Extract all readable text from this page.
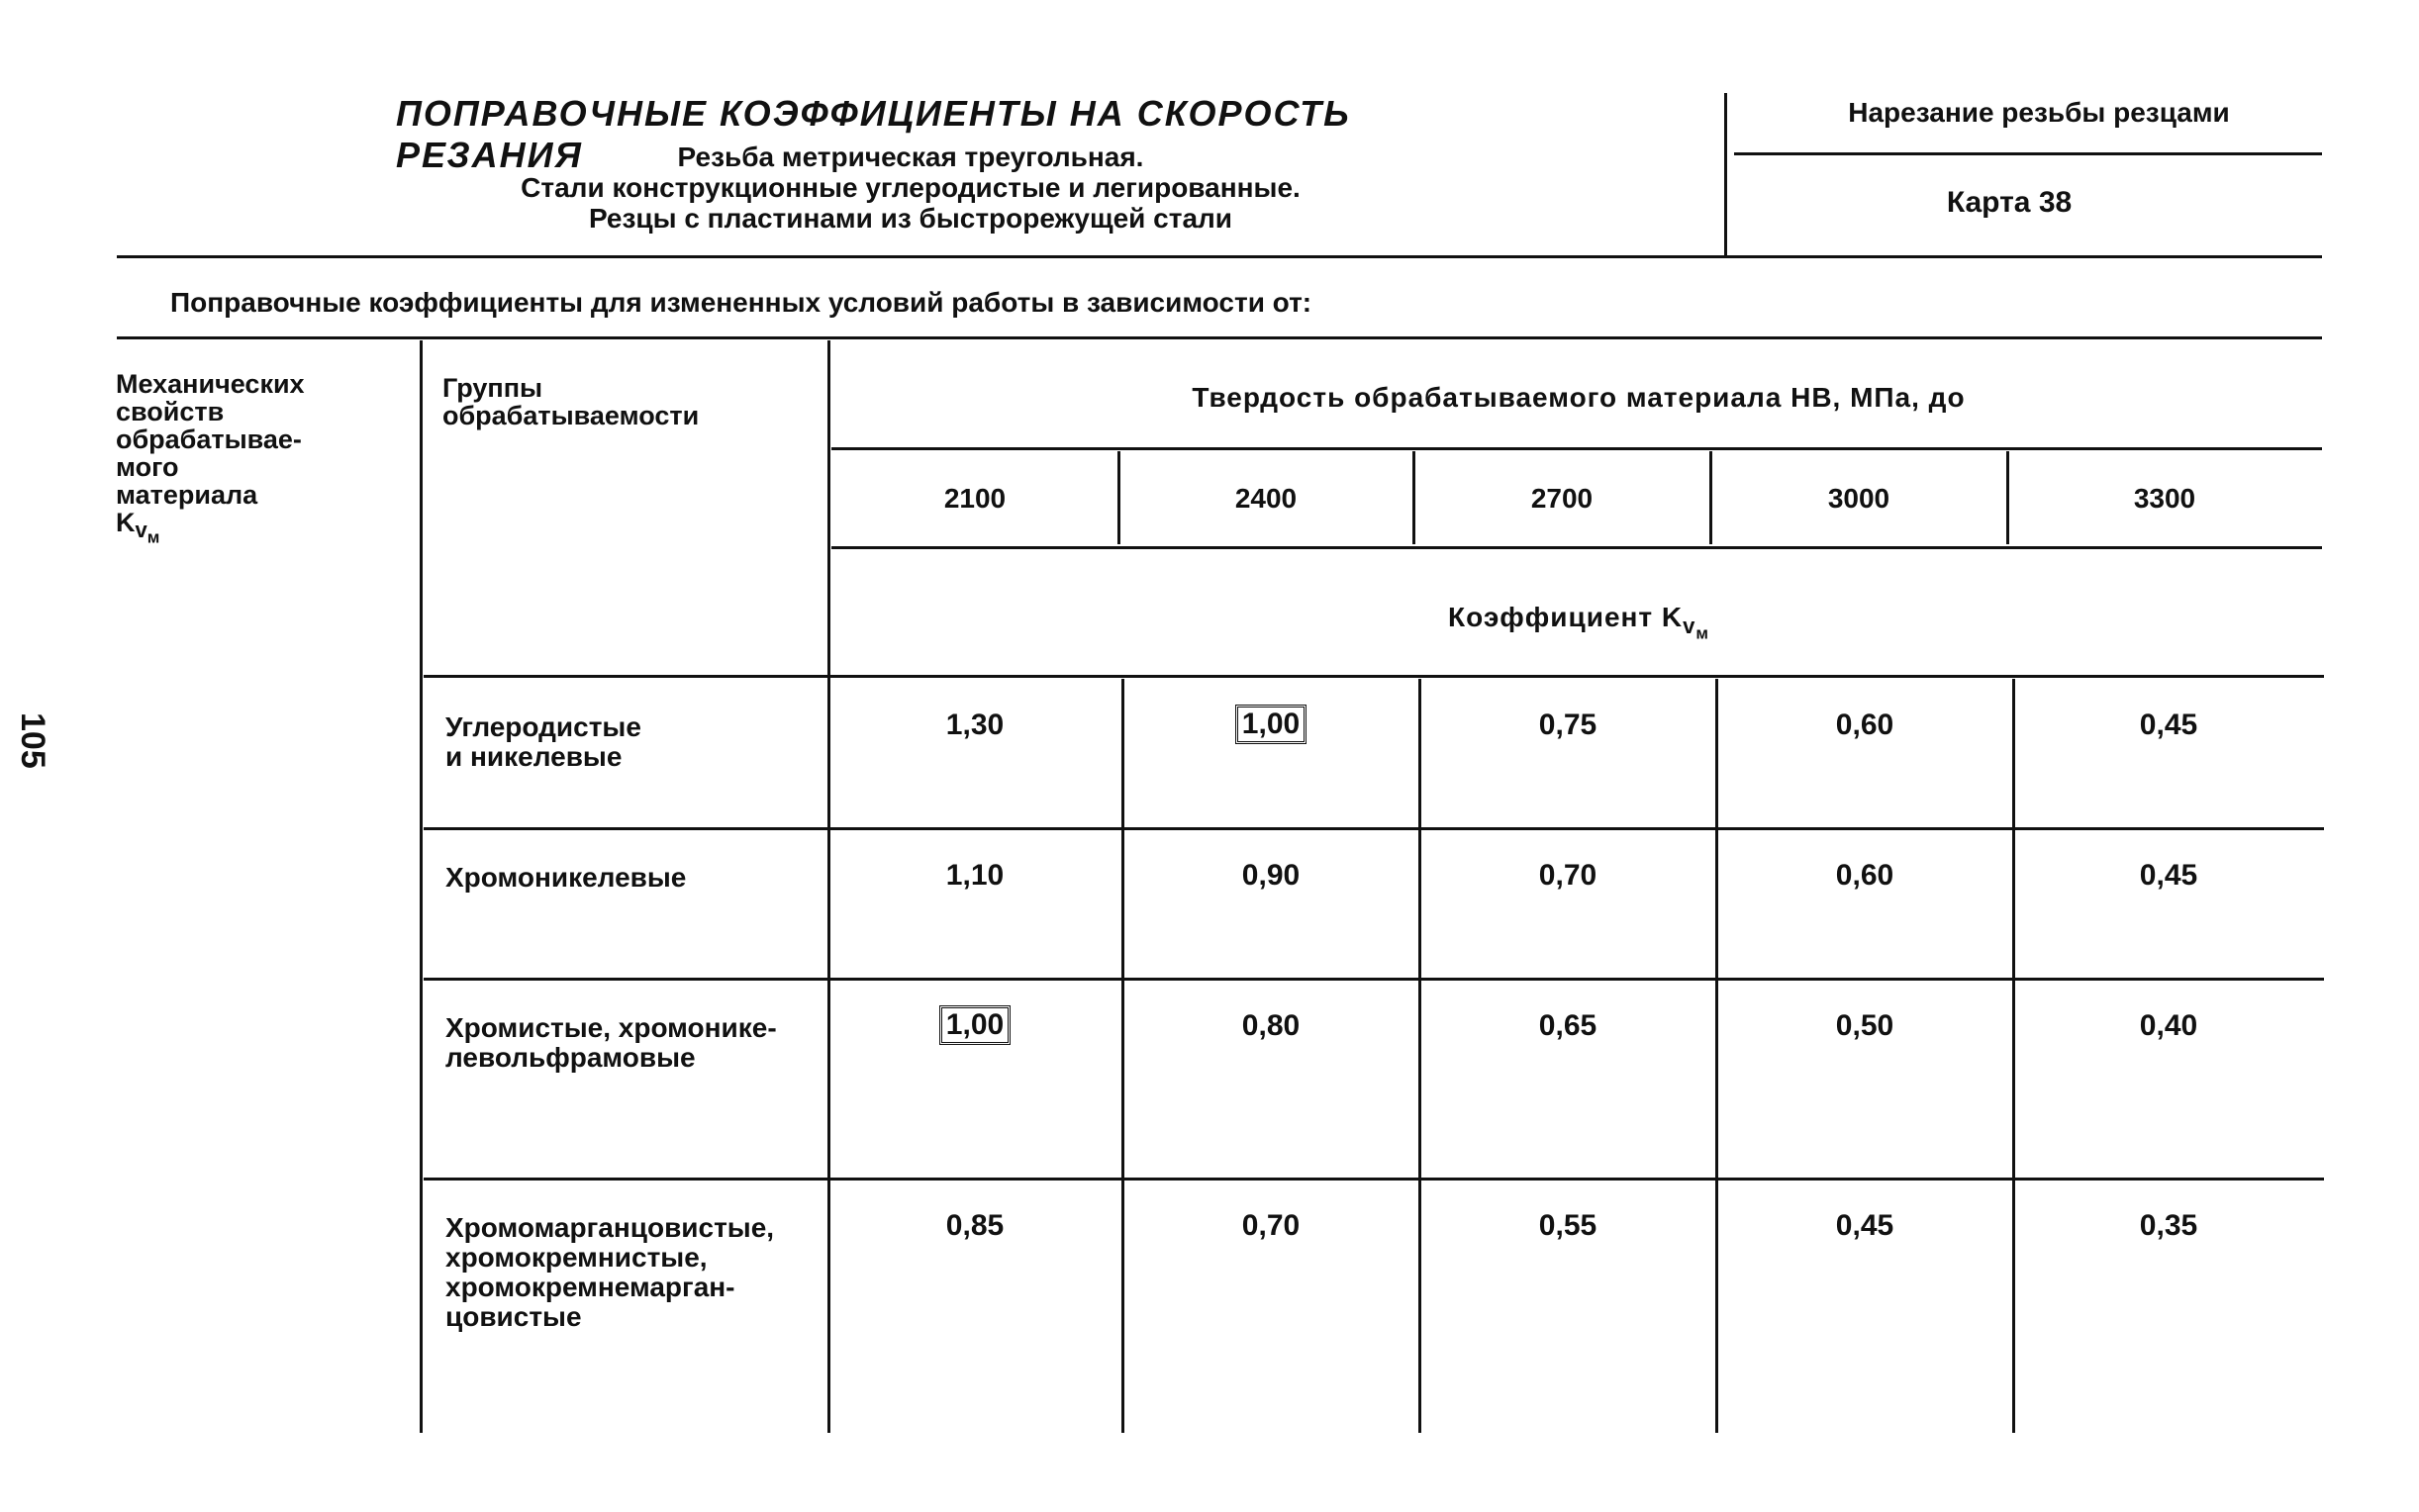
ПОПРАВОЧНЫЕ КОЭФФИЦИЕНТЫ НА СКОРОСТЬ РЕЗАНИЯ	Резьба метрическая треугольная.
Стали конструкционные углеродистые и легированные.
Резцы с пластинами из быстрорежущей стали
Нарезание резьбы резцами
Карта 38
Поправочные коэффициенты для измененных условий работы в зависимости от:
Механических
свойств
обрабатывае-
мого
материала
$K_{v_м}$
Группы
обрабатываемости
Твердость обрабатываемого материала НВ, МПа, до
2100	2400	2700	3000	3300
Коэффициент $K_{v_м}$
Углеродистые
и никелевые
1,30	1,00	0,75	0,60	0,45
Хромоникелевые	1,10	0,90	0,70	0,60	0,45
Хромистые, хромонике-
левольфрамовые
1,00	0,80	0,65	0,50	0,40
Хромомарганцовистые,
хромокремнистые,
хромокремнемарган-
цовистые
0,85	0,70	0,55	0,45	0,35
105
